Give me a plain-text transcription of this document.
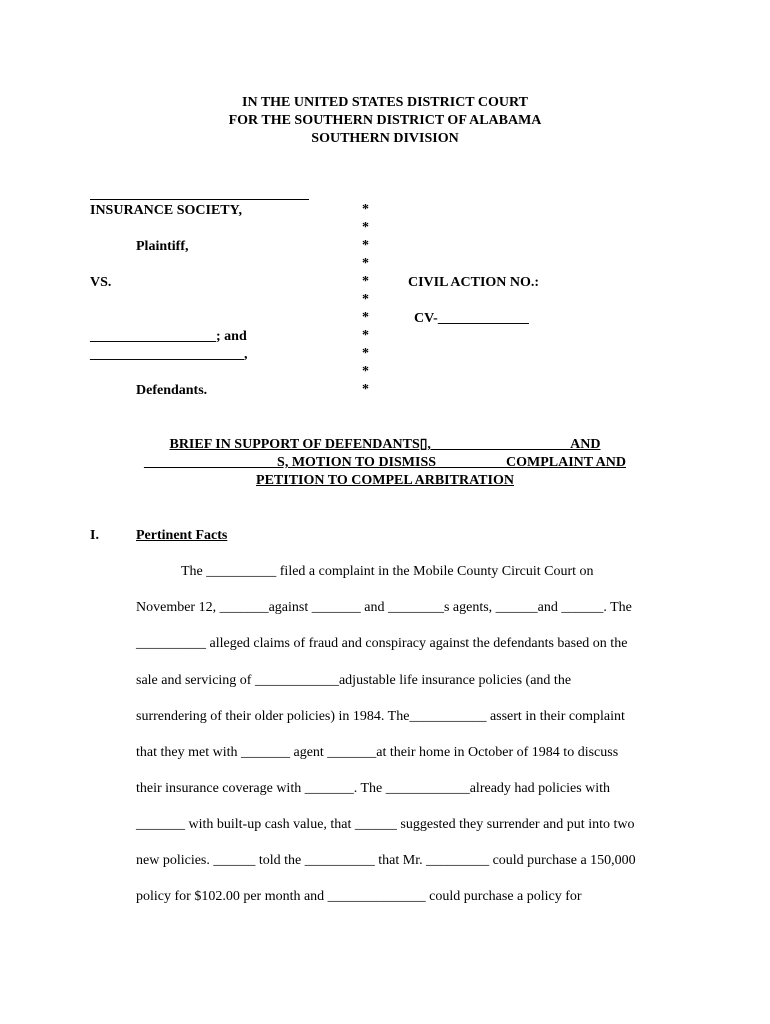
IN THE UNITED STATES DISTRICT COURT
FOR THE SOUTHERN DISTRICT OF ALABAMA
SOUTHERN DIVISION
INSURANCE SOCIETY,
Plaintiff,
VS.
__________________; and
______________________,
Defendants.
*
*
*
*
*
*
*
*
*
*
*
CIVIL ACTION NO.:
CV-_____________
BRIEF IN SUPPORT OF DEFENDANTS▯, ___________________ AND
___________________S, MOTION TO DISMISS _________ COMPLAINT AND
PETITION TO COMPEL ARBITRATION
I.	Pertinent Facts
The __________ filed a complaint in the Mobile County Circuit Court on
November 12, _______against _______ and ________s agents, ______and ______. The
__________ alleged claims of fraud and conspiracy against the defendants based on the
sale and servicing of ____________adjustable life insurance policies (and the
surrendering of their older policies) in 1984. The___________ assert in their complaint
that they met with _______ agent _______at their home in October of 1984 to discuss
their insurance coverage with _______. The ____________already had policies with
_______ with built-up cash value, that ______ suggested they surrender and put into two
new policies. ______ told the __________ that Mr. _________ could purchase a 150,000
policy for $102.00 per month and ______________ could purchase a policy for
